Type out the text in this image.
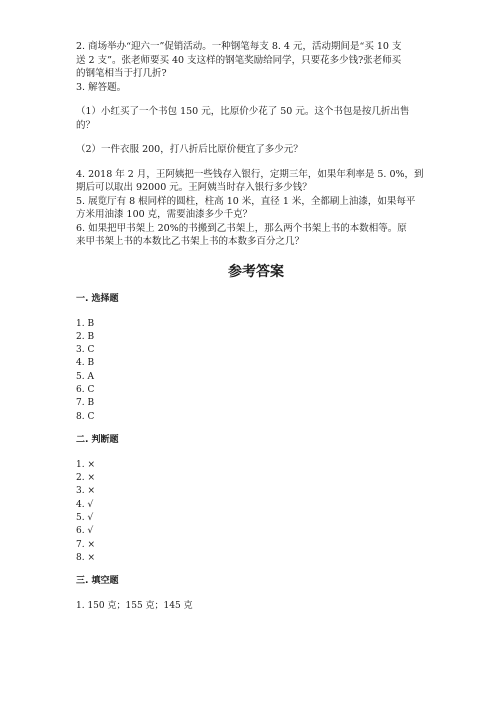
2. 商场举办“迎六一”促销活动。一种钢笔每支 8. 4 元，活动期间是“买 10 支

送 2 支”。张老师要买 40 支这样的钢笔奖励给同学，只要花多少钱?张老师买

的钢笔相当于打几折?

3. 解答题。

（1）小红买了一个书包 150 元，比原价少花了 50 元。这个书包是按几折出售

的？

（2）一件衣服 200，打八折后比原价便宜了多少元？

4. 2018 年 2 月，王阿姨把一些钱存入银行，定期三年，如果年利率是 5. 0%，到

期后可以取出 92000 元。王阿姨当时存入银行多少钱？

5. 展览厅有 8 根同样的圆柱，柱高 10 米，直径 1 米，全都刷上油漆，如果每平

方米用油漆 100 克，需要油漆多少千克？

6. 如果把甲书架上 20%的书搬到乙书架上，那么两个书架上书的本数相等。原

来甲书架上书的本数比乙书架上书的本数多百分之几？

参考答案
一. 选择题
1. B
2. B
3. C
4. B
5. A
6. C
7. B
8. C
二. 判断题
1. ×
2. ×
3. ×
4. √
5. √
6. √
7. ×
8. ×
三. 填空题
1. 150 克；155 克；145 克
